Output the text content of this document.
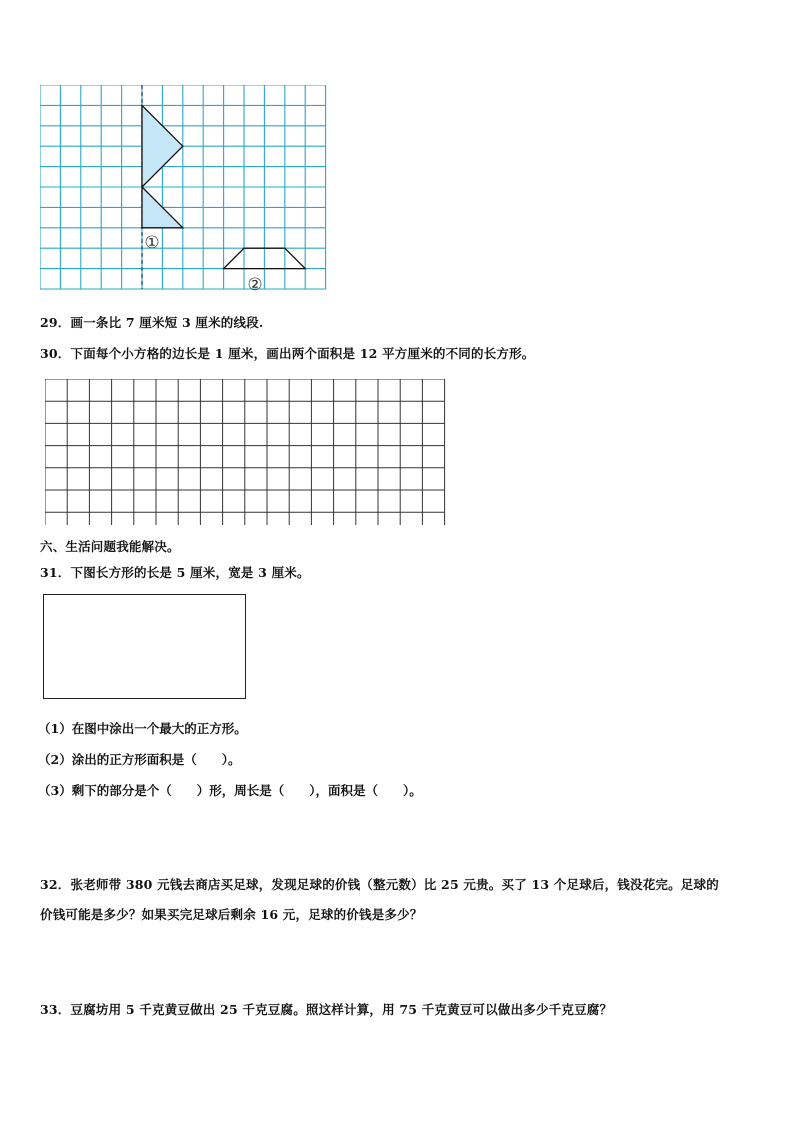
①
②
29．画一条比 7 厘米短 3 厘米的线段.
30．下面每个小方格的边长是 1 厘米，画出两个面积是 12 平方厘米的不同的长方形。
六、生活问题我能解决。
31．下图长方形的长是 5 厘米，宽是 3 厘米。
（1）在图中涂出一个最大的正方形。
（2）涂出的正方形面积是（　　）。
（3）剩下的部分是个（　　）形，周长是（　　），面积是（　　）。
32．张老师带 380 元钱去商店买足球，发现足球的价钱（整元数）比 25 元贵。买了 13 个足球后，钱没花完。足球的
价钱可能是多少？如果买完足球后剩余 16 元，足球的价钱是多少？
33．豆腐坊用 5 千克黄豆做出 25 千克豆腐。照这样计算，用 75 千克黄豆可以做出多少千克豆腐？
